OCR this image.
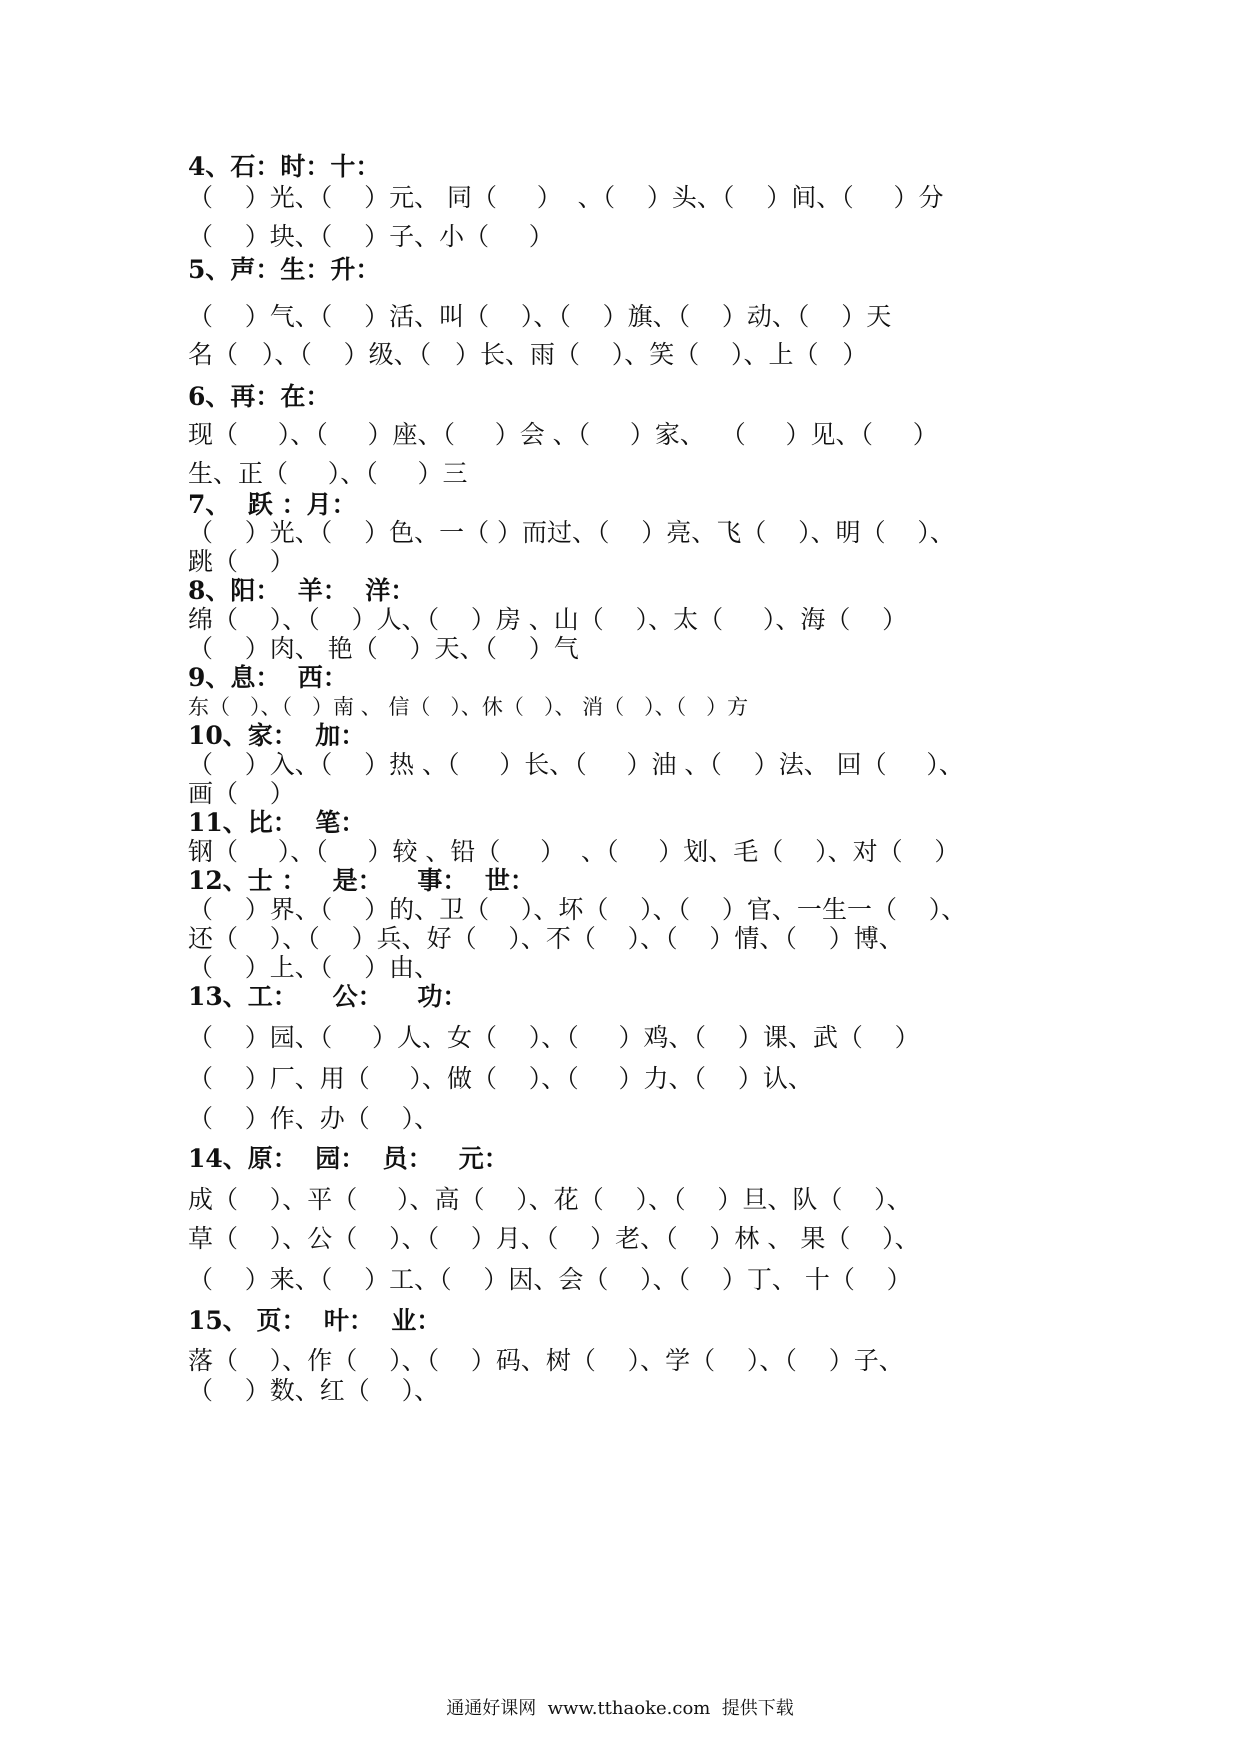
4、石：时：十：
（    ）光、（    ）元、 同（     ）  、（    ）头、（    ）间、（     ）分
（    ）块、（    ）子、小（     ）
5、声：生：升：
（    ）气、（    ）活、叫（    ）、（    ）旗、（    ）动、（    ）天
名（   ）、（    ）级、（   ）长、雨（    ）、笑（    ）、上（   ）
6、再：在：
现（     ）、（     ）座、（     ）会 、（     ）家、  （     ）见、（     ）
生、正（     ）、（     ）三
7、  跃 ：月：
（    ）光、（    ）色、一（ ）而过、（    ）亮、飞（    ）、明（    ）、
跳（    ）
8、阳：  羊：  洋：
绵（    ）、（    ）人、（    ）房 、山（    ）、太（     ）、海（    ）
（    ）肉、 艳（    ）天、（    ）气
9、息：  西：
东（   ）、（   ）南 、 信（   ）、休（   ）、 消（   ）、（   ）方
10、家：  加：
（    ）入、（    ）热 、（     ）长、（     ）油 、（    ）法、 回（     ）、
画（    ）
11、比：  笔：
钢（     ）、（     ）较 、铅（     ）  、（     ）划、毛（    ）、对（    ）
12、士 ：   是：    事：  世：
（    ）界、（    ）的、卫（    ）、坏（    ）、（    ）官、一生一（    ）、
还（    ）、（    ）兵、好（    ）、不（    ）、（    ）情、（    ）博、
（    ）上、（    ）由、
13、工：    公：    功：
（    ）园、（     ）人、女（    ）、（     ）鸡、（    ）课、武（    ）
（    ）厂、用（     ）、做（    ）、（     ）力、（    ）认、
（    ）作、办（    ）、
14、原：  园：  员：   元：
成（    ）、平（     ）、高（    ）、花（    ）、（    ）旦、队（    ）、
草（    ）、公（    ）、（    ）月、（    ）老、（    ）林 、 果（    ）、
（    ）来、（    ）工、（    ）因、会（    ）、（    ）丁、 十（    ）
15、 页：  叶：  业：
落（    ）、作（    ）、（    ）码、树（    ）、学（    ）、（    ）子、
（    ）数、红（    ）、
通通好课网  www.tthaoke.com  提供下载
